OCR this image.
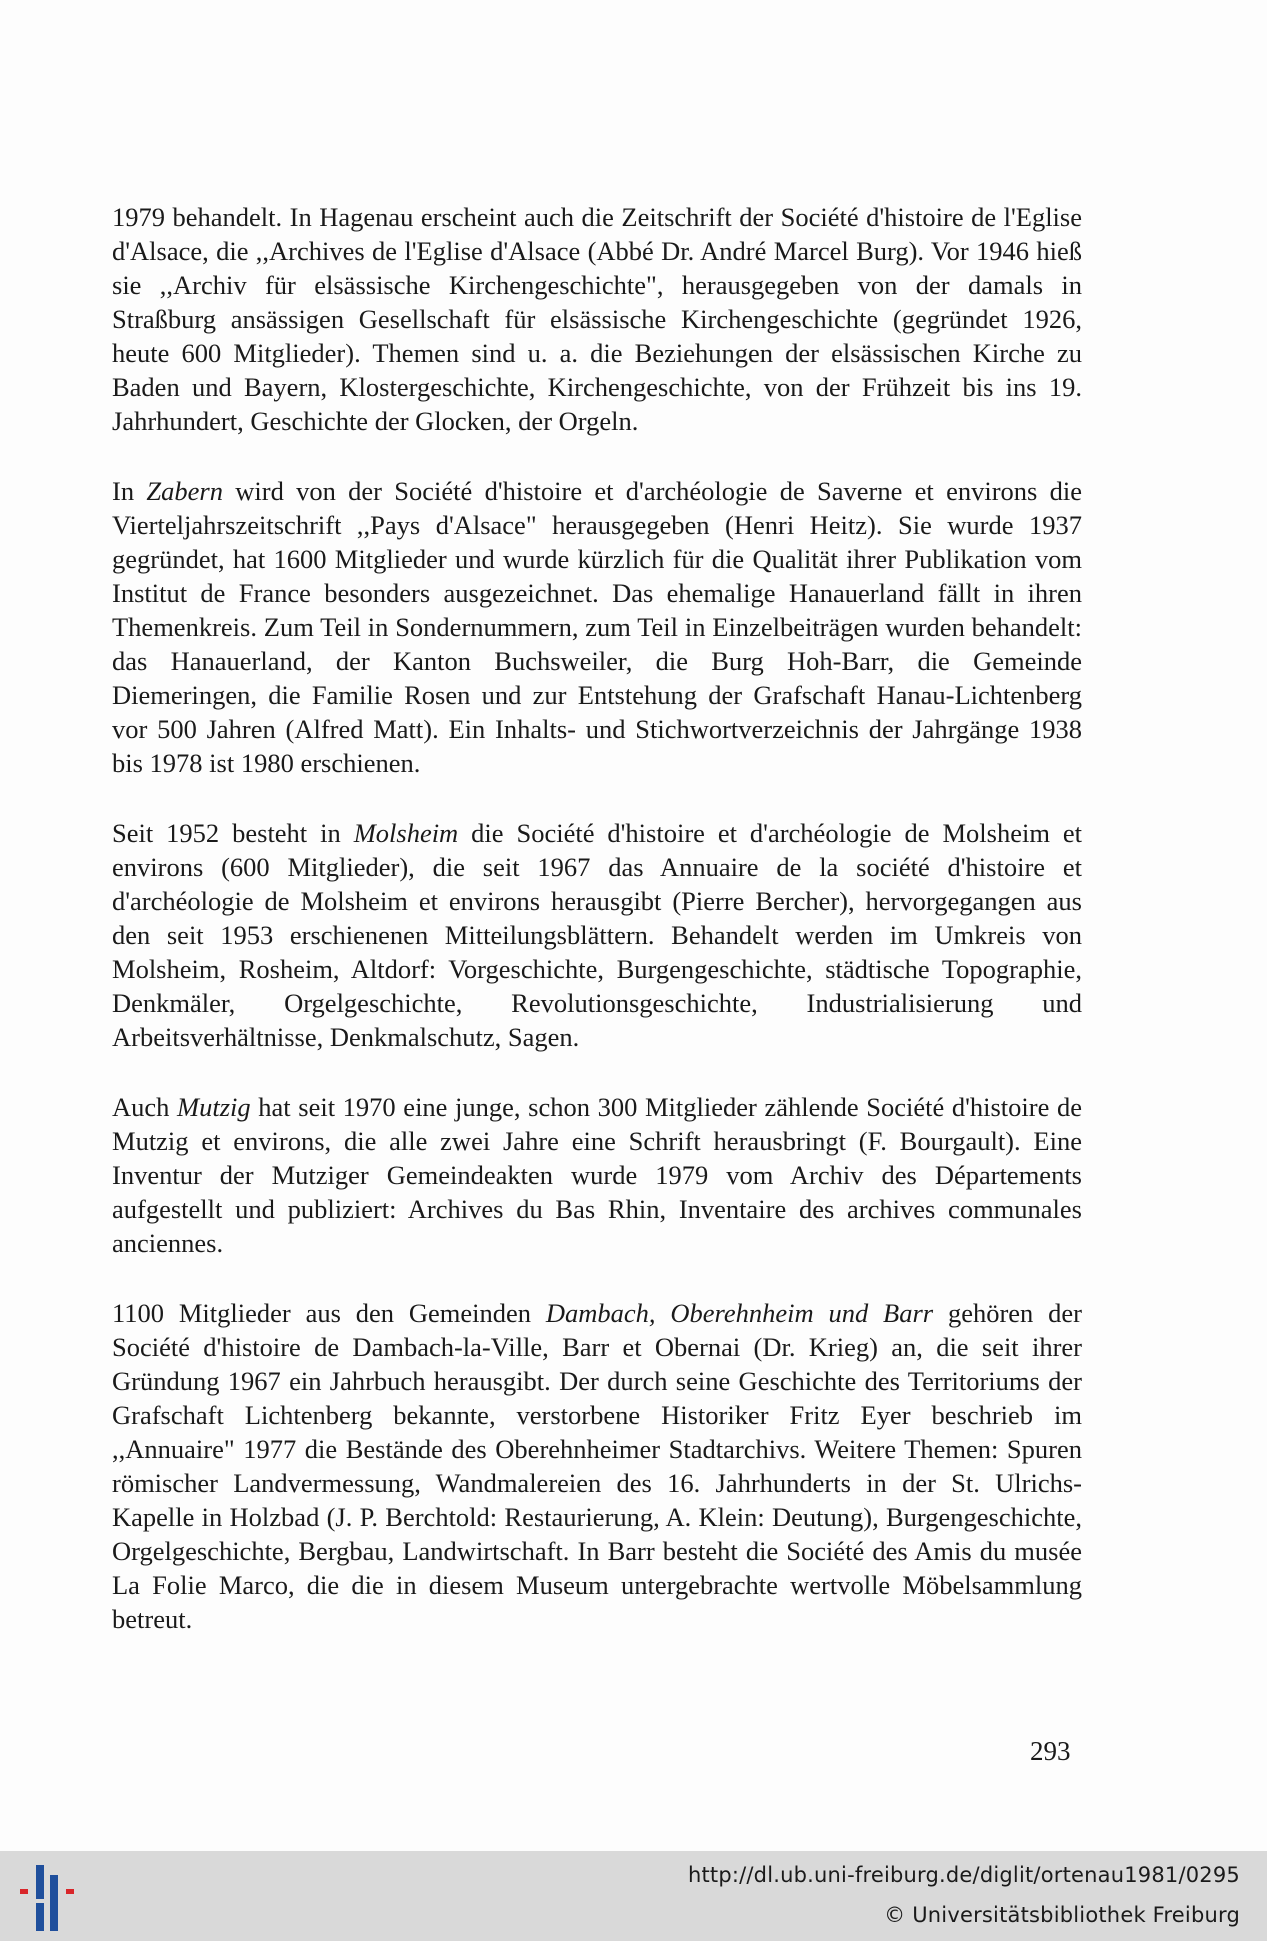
1979 behandelt. In Hagenau erscheint auch die Zeitschrift der Société d'histoire de l'Eglise d'Alsace, die ,,Archives de l'Eglise d'Alsace (Abbé Dr. André Marcel Burg). Vor 1946 hieß sie ,,Archiv für elsässische Kirchengeschichte", herausgegeben von der damals in Straßburg ansässigen Gesellschaft für elsässische Kirchengeschichte (gegründet 1926, heute 600 Mitglieder). Themen sind u. a. die Beziehungen der elsässischen Kirche zu Baden und Bayern, Klostergeschichte, Kirchengeschichte, von der Frühzeit bis ins 19. Jahrhundert, Geschichte der Glocken, der Orgeln.

In Zabern wird von der Société d'histoire et d'archéologie de Saverne et environs die Vierteljahrszeitschrift ,,Pays d'Alsace" herausgegeben (Henri Heitz). Sie wurde 1937 gegründet, hat 1600 Mitglieder und wurde kürzlich für die Qualität ihrer Publikation vom Institut de France besonders ausgezeichnet. Das ehemalige Hanauerland fällt in ihren Themenkreis. Zum Teil in Sondernummern, zum Teil in Einzelbeiträgen wurden behandelt: das Hanauerland, der Kanton Buchsweiler, die Burg Hoh-Barr, die Gemeinde Diemeringen, die Familie Rosen und zur Entstehung der Grafschaft Hanau-Lichtenberg vor 500 Jahren (Alfred Matt). Ein Inhalts- und Stichwortverzeichnis der Jahrgänge 1938 bis 1978 ist 1980 erschienen.

Seit 1952 besteht in Molsheim die Société d'histoire et d'archéologie de Molsheim et environs (600 Mitglieder), die seit 1967 das Annuaire de la société d'histoire et d'archéologie de Molsheim et environs herausgibt (Pierre Bercher), hervorgegangen aus den seit 1953 erschienenen Mitteilungsblättern. Behandelt werden im Umkreis von Molsheim, Rosheim, Altdorf: Vorgeschichte, Burgengeschichte, städtische Topographie, Denkmäler, Orgelgeschichte, Revolutionsgeschichte, Industrialisierung und Arbeitsverhältnisse, Denkmalschutz, Sagen.

Auch Mutzig hat seit 1970 eine junge, schon 300 Mitglieder zählende Société d'histoire de Mutzig et environs, die alle zwei Jahre eine Schrift herausbringt (F. Bourgault). Eine Inventur der Mutziger Gemeindeakten wurde 1979 vom Archiv des Départements aufgestellt und publiziert: Archives du Bas Rhin, Inventaire des archives communales anciennes.

1100 Mitglieder aus den Gemeinden Dambach, Oberehnheim und Barr gehören der Société d'histoire de Dambach-la-Ville, Barr et Obernai (Dr. Krieg) an, die seit ihrer Gründung 1967 ein Jahrbuch herausgibt. Der durch seine Geschichte des Territoriums der Grafschaft Lichtenberg bekannte, verstorbene Historiker Fritz Eyer beschrieb im ,,Annuaire" 1977 die Bestände des Oberehnheimer Stadtarchivs. Weitere Themen: Spuren römischer Landvermessung, Wandmalereien des 16. Jahrhunderts in der St. Ulrichs-Kapelle in Holzbad (J. P. Berchtold: Restaurierung, A. Klein: Deutung), Burgengeschichte, Orgelgeschichte, Bergbau, Landwirtschaft. In Barr besteht die Société des Amis du musée La Folie Marco, die die in diesem Museum untergebrachte wertvolle Möbelsammlung betreut.

293
http://dl.ub.uni-freiburg.de/diglit/ortenau1981/0295
© Universitätsbibliothek Freiburg
